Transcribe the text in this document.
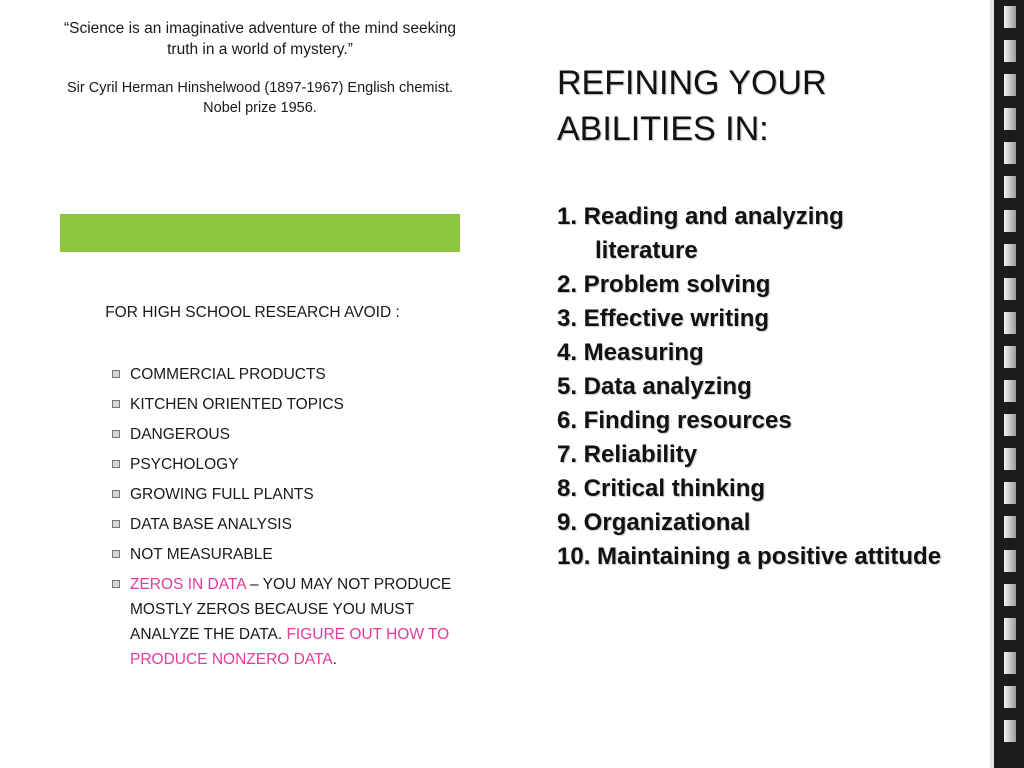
“Science is an imaginative adventure of the mind seeking truth in a world of mystery.”

Sir Cyril Herman Hinshelwood (1897-1967) English chemist. Nobel prize 1956.

FOR HIGH SCHOOL RESEARCH AVOID :
COMMERCIAL PRODUCTS
KITCHEN ORIENTED TOPICS
DANGEROUS
PSYCHOLOGY
GROWING FULL PLANTS
DATA BASE ANALYSIS
NOT MEASURABLE
ZEROS IN DATA – YOU MAY NOT PRODUCE MOSTLY ZEROS BECAUSE YOU MUST ANALYZE THE DATA. FIGURE OUT HOW TO PRODUCE NONZERO DATA.
REFINING YOUR ABILITIES IN:
1. Reading and analyzing
literature
2. Problem solving
3. Effective writing
4. Measuring
5. Data analyzing
6. Finding resources
7. Reliability
8. Critical thinking
9. Organizational
10. Maintaining a positive attitude
